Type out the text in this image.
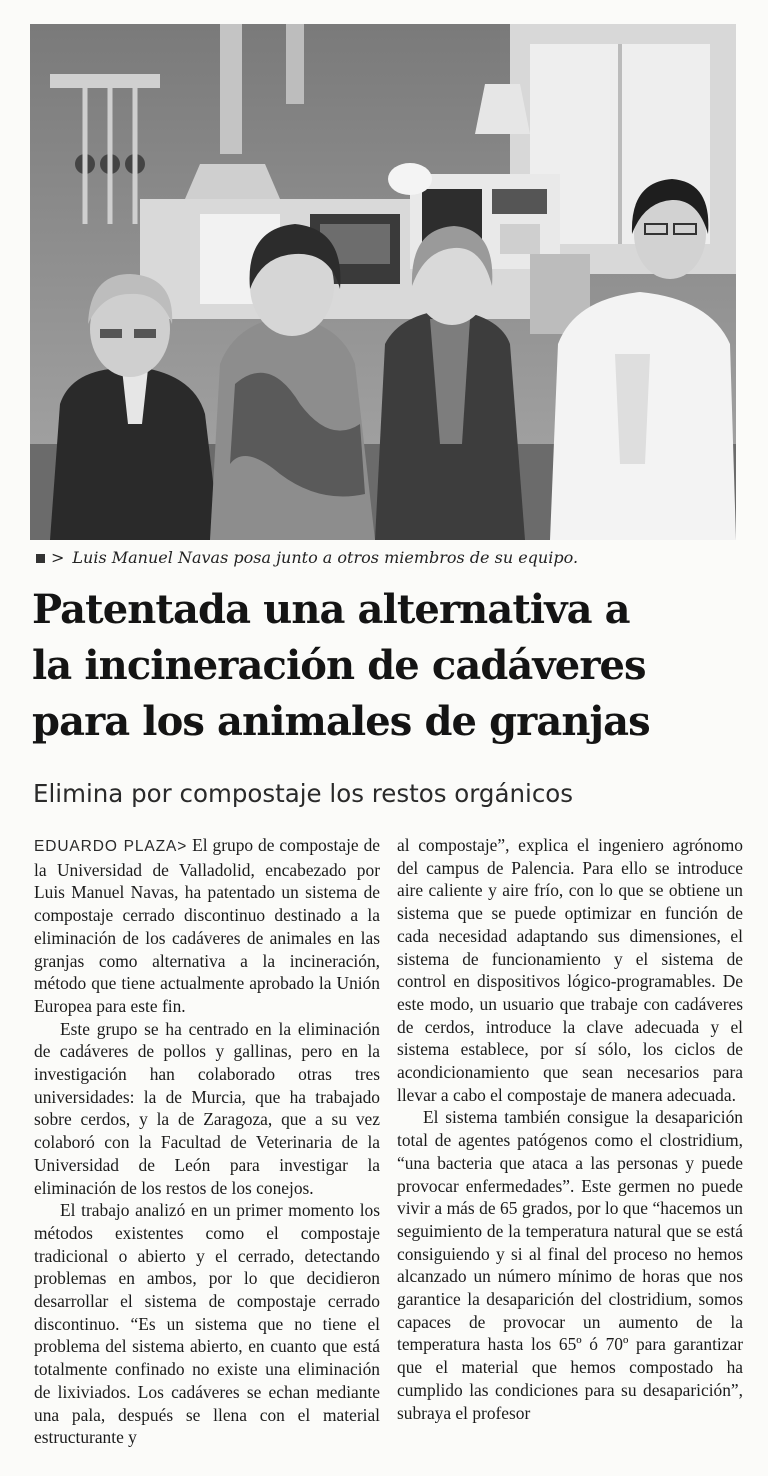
> Luis Manuel Navas posa junto a otros miembros de su equipo.
Patentada una alternativa a
la incineración de cadáveres
para los animales de granjas
Elimina por compostaje los restos orgánicos

EDUARDO PLAZA> El grupo de compostaje de la Universidad de Valladolid, encabezado por Luis Manuel Navas, ha patentado un sistema de compostaje cerrado discontinuo destinado a la eliminación de los cadáveres de animales en las granjas como alternativa a la incineración, método que tiene actualmente aprobado la Unión Europea para este fin.

Este grupo se ha centrado en la eliminación de cadáveres de pollos y gallinas, pero en la investigación han colaborado otras tres universidades: la de Murcia, que ha trabajado sobre cerdos, y la de Zaragoza, que a su vez colaboró con la Facultad de Veterinaria de la Universidad de León para investigar la eliminación de los restos de los conejos.

El trabajo analizó en un primer momento los métodos existentes como el compostaje tradicional o abierto y el cerrado, detectando problemas en ambos, por lo que decidieron desarrollar el sistema de compostaje cerrado discontinuo. “Es un sistema que no tiene el problema del sistema abierto, en cuanto que está totalmente confinado no existe una eliminación de lixiviados. Los cadáveres se echan mediante una pala, después se llena con el material estructurante y

al compostaje”, explica el ingeniero agrónomo del campus de Palencia. Para ello se introduce aire caliente y aire frío, con lo que se obtiene un sistema que se puede optimizar en función de cada necesidad adaptando sus dimensiones, el sistema de funcionamiento y el sistema de control en dispositivos lógico-programables. De este modo, un usuario que trabaje con cadáveres de cerdos, introduce la clave adecuada y el sistema establece, por sí sólo, los ciclos de acondicionamiento que sean necesarios para llevar a cabo el compostaje de manera adecuada.

El sistema también consigue la desaparición total de agentes patógenos como el clostridium, “una bacteria que ataca a las personas y puede provocar enfermedades”. Este germen no puede vivir a más de 65 grados, por lo que “hacemos un seguimiento de la temperatura natural que se está consiguiendo y si al final del proceso no hemos alcanzado un número mínimo de horas que nos garantice la desaparición del clostridium, somos capaces de provocar un aumento de la temperatura hasta los 65º ó 70º para garantizar que el material que hemos compostado ha cumplido las condiciones para su desaparición”, subraya el profesor
